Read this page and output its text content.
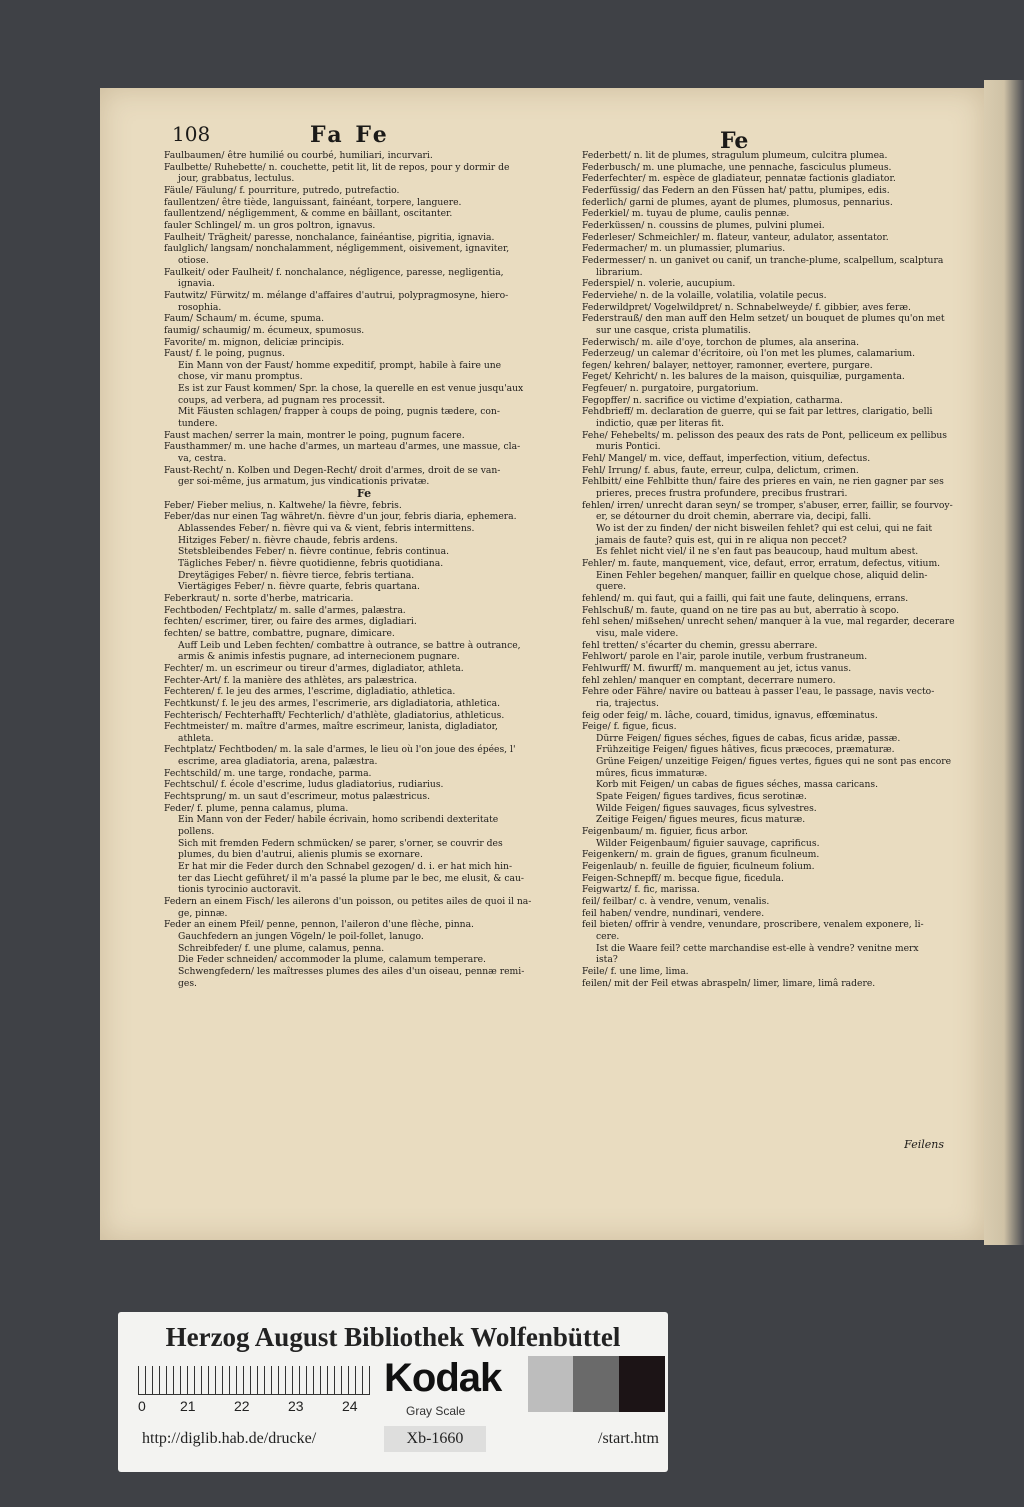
108	Fa Fe	Fe
Faulbaumen/ être humilié ou courbé, humiliari, incurvari.
Faulbette/ Ruhebette/ n. couchette, petit lit, lit de repos, pour y dormir de
jour, grabbatus, lectulus.
Fäule/ Fäulung/ f. pourriture, putredo, putrefactio.
faullentzen/ être tiède, languissant, fainéant, torpere, languere.
faullentzend/ négligemment, & comme en bâillant, oscitanter.
fauler Schlingel/ m. un gros poltron, ignavus.
Faulheit/ Trägheit/ paresse, nonchalance, fainéantise, pigritia, ignavia.
faulglich/ langsam/ nonchalamment, négligemment, oisivement, ignaviter,
otiose.
Faulkeit/ oder Faulheit/ f. nonchalance, négligence, paresse, negligentia,
ignavia.
Fautwitz/ Fürwitz/ m. mélange d'affaires d'autrui, polypragmosyne, hiero-
rosophia.
Faum/ Schaum/ m. écume, spuma.
faumig/ schaumig/ m. écumeux, spumosus.
Favorite/ m. mignon, deliciæ principis.
Faust/ f. le poing, pugnus.
Ein Mann von der Faust/ homme expeditif, prompt, habile à faire une
chose, vir manu promptus.
Es ist zur Faust kommen/ Spr. la chose, la querelle en est venue jusqu'aux
coups, ad verbera, ad pugnam res processit.
Mit Fäusten schlagen/ frapper à coups de poing, pugnis tædere, con-
tundere.
Faust machen/ serrer la main, montrer le poing, pugnum facere.
Fausthammer/ m. une hache d'armes, un marteau d'armes, une massue, cla-
va, cestra.
Faust-Recht/ n. Kolben und Degen-Recht/ droit d'armes, droit de se van-
ger soi-même, jus armatum, jus vindicationis privatæ.
Fe
Feber/ Fieber melius, n. Kaltwehe/ la fièvre, febris.
Feber/das nur einen Tag währet/n. fièvre d'un jour, febris diaria, ephemera.
Ablassendes Feber/ n. fièvre qui va & vient, febris intermittens.
Hitziges Feber/ n. fièvre chaude, febris ardens.
Stetsbleibendes Feber/ n. fièvre continue, febris continua.
Tägliches Feber/ n. fièvre quotidienne, febris quotidiana.
Dreytägiges Feber/ n. fièvre tierce, febris tertiana.
Viertägiges Feber/ n. fièvre quarte, febris quartana.
Feberkraut/ n. sorte d'herbe, matricaria.
Fechtboden/ Fechtplatz/ m. salle d'armes, palæstra.
fechten/ escrimer, tirer, ou faire des armes, digladiari.
fechten/ se battre, combattre, pugnare, dimicare.
Auff Leib und Leben fechten/ combattre à outrance, se battre à outrance,
armis & animis infestis pugnare, ad internecionem pugnare.
Fechter/ m. un escrimeur ou tireur d'armes, digladiator, athleta.
Fechter-Art/ f. la manière des athlètes, ars palæstrica.
Fechteren/ f. le jeu des armes, l'escrime, digladiatio, athletica.
Fechtkunst/ f. le jeu des armes, l'escrimerie, ars digladiatoria, athletica.
Fechterisch/ Fechterhafft/ Fechterlich/ d'athlète, gladiatorius, athleticus.
Fechtmeister/ m. maître d'armes, maître escrimeur, lanista, digladiator,
athleta.
Fechtplatz/ Fechtboden/ m. la sale d'armes, le lieu où l'on joue des épées, l'
escrime, area gladiatoria, arena, palæstra.
Fechtschild/ m. une targe, rondache, parma.
Fechtschul/ f. école d'escrime, ludus gladiatorius, rudiarius.
Fechtsprung/ m. un saut d'escrimeur, motus palæstricus.
Feder/ f. plume, penna calamus, pluma.
Ein Mann von der Feder/ habile écrivain, homo scribendi dexteritate
pollens.
Sich mit fremden Federn schmücken/ se parer, s'orner, se couvrir des
plumes, du bien d'autrui, alienis plumis se exornare.
Er hat mir die Feder durch den Schnabel gezogen/ d. i. er hat mich hin-
ter das Liecht geführet/ il m'a passé la plume par le bec, me elusit, & cau-
tionis tyrocinio auctoravit.
Federn an einem Fisch/ les ailerons d'un poisson, ou petites ailes de quoi il na-
ge, pinnæ.
Feder an einem Pfeil/ penne, pennon, l'aileron d'une flèche, pinna.
Gauchfedern an jungen Vögeln/ le poil-follet, lanugo.
Schreibfeder/ f. une plume, calamus, penna.
Die Feder schneiden/ accommoder la plume, calamum temperare.
Schwengfedern/ les maîtresses plumes des ailes d'un oiseau, pennæ remi-
ges.
Federbett/ n. lit de plumes, stragulum plumeum, culcitra plumea.
Federbusch/ m. une plumache, une pennache, fasciculus plumeus.
Federfechter/ m. espèce de gladiateur, pennatæ factionis gladiator.
Federfüssig/ das Federn an den Füssen hat/ pattu, plumipes, edis.
federlich/ garni de plumes, ayant de plumes, plumosus, pennarius.
Federkiel/ m. tuyau de plume, caulis pennæ.
Federküssen/ n. coussins de plumes, pulvini plumei.
Federleser/ Schmeichler/ m. flateur, vanteur, adulator, assentator.
Federmacher/ m. un plumassier, plumarius.
Federmesser/ n. un ganivet ou canif, un tranche-plume, scalpellum, scalptura
librarium.
Federspiel/ n. volerie, aucupium.
Federviehe/ n. de la volaille, volatilia, volatile pecus.
Federwildpret/ Vogelwildpret/ n. Schnabelweyde/ f. gibbier, aves feræ.
Federstrauß/ den man auff den Helm setzet/ un bouquet de plumes qu'on met
sur une casque, crista plumatilis.
Federwisch/ m. aile d'oye, torchon de plumes, ala anserina.
Federzeug/ un calemar d'écritoire, où l'on met les plumes, calamarium.
fegen/ kehren/ balayer, nettoyer, ramonner, evertere, purgare.
Feget/ Kehricht/ n. les balures de la maison, quisquiliæ, purgamenta.
Fegfeuer/ n. purgatoire, purgatorium.
Fegopffer/ n. sacrifice ou victime d'expiation, catharma.
Fehdbrieff/ m. declaration de guerre, qui se fait par lettres, clarigatio, belli
indictio, quæ per literas fit.
Fehe/ Fehebelts/ m. pelisson des peaux des rats de Pont, pelliceum ex pellibus
muris Pontici.
Fehl/ Mangel/ m. vice, deffaut, imperfection, vitium, defectus.
Fehl/ Irrung/ f. abus, faute, erreur, culpa, delictum, crimen.
Fehlbitt/ eine Fehlbitte thun/ faire des prieres en vain, ne rien gagner par ses
prieres, preces frustra profundere, precibus frustrari.
fehlen/ irren/ unrecht daran seyn/ se tromper, s'abuser, errer, faillir, se fourvoy-
er, se détourner du droit chemin, aberrare via, decipi, falli.
Wo ist der zu finden/ der nicht bisweilen fehlet? qui est celui, qui ne fait
jamais de faute? quis est, qui in re aliqua non peccet?
Es fehlet nicht viel/ il ne s'en faut pas beaucoup, haud multum abest.
Fehler/ m. faute, manquement, vice, defaut, error, erratum, defectus, vitium.
Einen Fehler begehen/ manquer, faillir en quelque chose, aliquid delin-
quere.
fehlend/ m. qui faut, qui a failli, qui fait une faute, delinquens, errans.
Fehlschuß/ m. faute, quand on ne tire pas au but, aberratio à scopo.
fehl sehen/ mißsehen/ unrecht sehen/ manquer à la vue, mal regarder, decerare
visu, male videre.
fehl tretten/ s'écarter du chemin, gressu aberrare.
Fehlwort/ parole en l'air, parole inutile, verbum frustraneum.
Fehlwurff/ M. fiwurff/ m. manquement au jet, ictus vanus.
fehl zehlen/ manquer en comptant, decerrare numero.
Fehre oder Fähre/ navire ou batteau à passer l'eau, le passage, navis vecto-
ria, trajectus.
feig oder feig/ m. lâche, couard, timidus, ignavus, effœminatus.
Feige/ f. figue, ficus.
Dürre Feigen/ figues séches, figues de cabas, ficus aridæ, passæ.
Frühzeitige Feigen/ figues hâtives, ficus præcoces, præmaturæ.
Grüne Feigen/ unzeitige Feigen/ figues vertes, figues qui ne sont pas encore
mûres, ficus immaturæ.
Korb mit Feigen/ un cabas de figues séches, massa caricans.
Spate Feigen/ figues tardives, ficus serotinæ.
Wilde Feigen/ figues sauvages, ficus sylvestres.
Zeitige Feigen/ figues meures, ficus maturæ.
Feigenbaum/ m. figuier, ficus arbor.
Wilder Feigenbaum/ figuier sauvage, caprificus.
Feigenkern/ m. grain de figues, granum ficulneum.
Feigenlaub/ n. feuille de figuier, ficulneum folium.
Feigen-Schnepff/ m. becque figue, ficedula.
Feigwartz/ f. fic, marissa.
feil/ feilbar/ c. à vendre, venum, venalis.
feil haben/ vendre, nundinari, vendere.
feil bieten/ offrir à vendre, venundare, proscribere, venalem exponere, li-
cere.
Ist die Waare feil? cette marchandise est-elle à vendre? venitne merx
ista?
Feile/ f. une lime, lima.
feilen/ mit der Feil etwas abraspeln/ limer, limare, limâ radere.
Feilens
Herzog August Bibliothek Wolfenbüttel
0 21	22	23	24
Kodak
Gray Scale
http://diglib.hab.de/drucke/	Xb-1660	/start.htm
